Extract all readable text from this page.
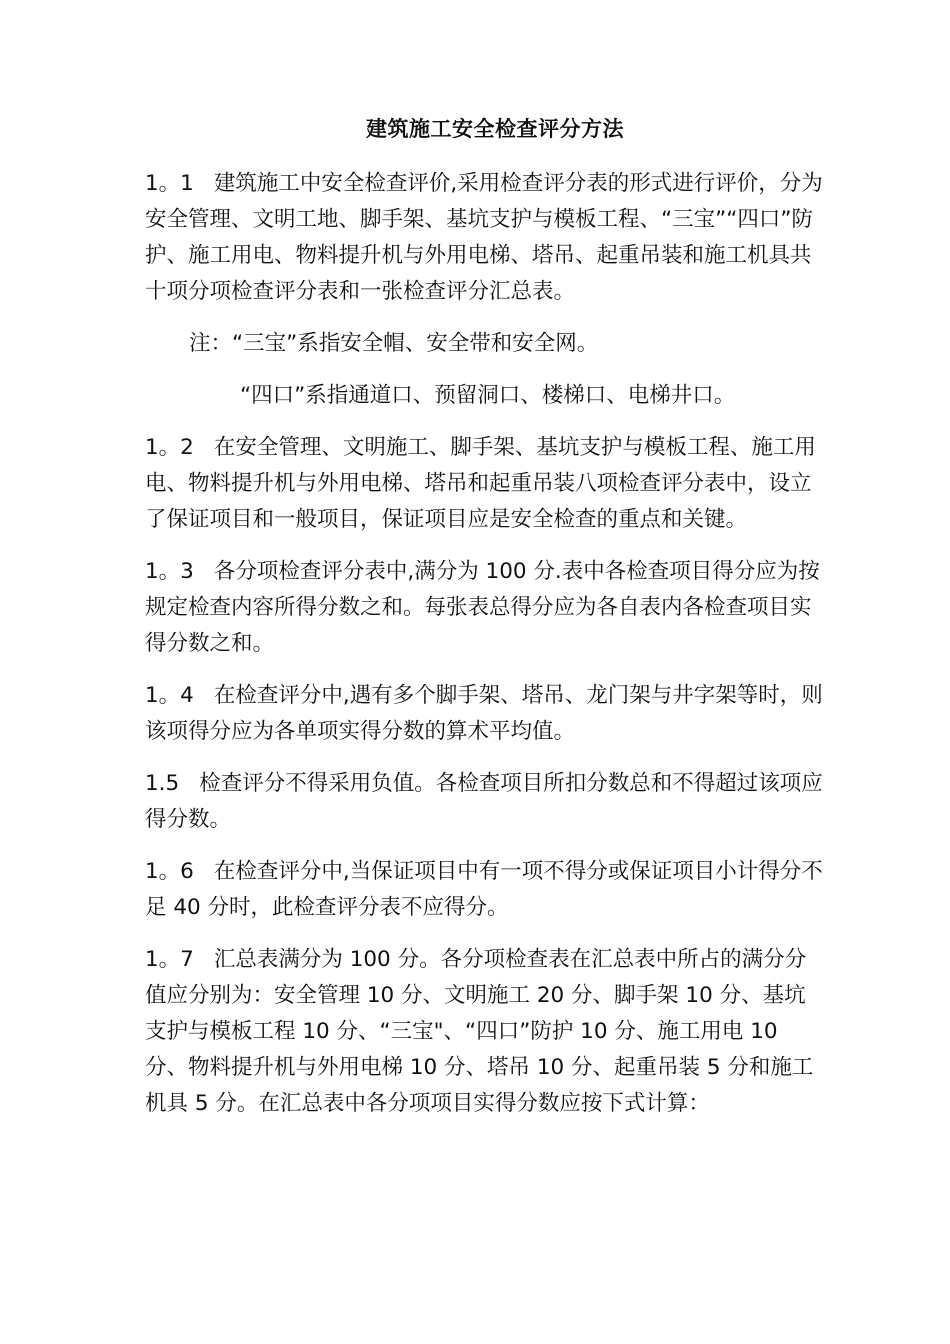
建筑施工安全检查评分方法

1。1 建筑施工中安全检查评价,采用检查评分表的形式进行评价，分为安全管理、文明工地、脚手架、基坑支护与模板工程、“三宝”“四口”防护、施工用电、物料提升机与外用电梯、塔吊、起重吊装和施工机具共十项分项检查评分表和一张检查评分汇总表。

注：“三宝”系指安全帽、安全带和安全网。

“四口”系指通道口、预留洞口、楼梯口、电梯井口。

1。2 在安全管理、文明施工、脚手架、基坑支护与模板工程、施工用电、物料提升机与外用电梯、塔吊和起重吊装八项检查评分表中，设立了保证项目和一般项目，保证项目应是安全检查的重点和关键。

1。3 各分项检查评分表中,满分为 100 分.表中各检查项目得分应为按规定检查内容所得分数之和。每张表总得分应为各自表内各检查项目实得分数之和。

1。4 在检查评分中,遇有多个脚手架、塔吊、龙门架与井字架等时，则该项得分应为各单项实得分数的算术平均值。

1.5 检查评分不得采用负值。各检查项目所扣分数总和不得超过该项应得分数。

1。6 在检查评分中,当保证项目中有一项不得分或保证项目小计得分不足 40 分时，此检查评分表不应得分。

1。7 汇总表满分为 100 分。各分项检查表在汇总表中所占的满分分值应分别为：安全管理 10 分、文明施工 20 分、脚手架 10 分、基坑支护与模板工程 10 分、“三宝"、“四口”防护 10 分、施工用电 10 分、物料提升机与外用电梯 10 分、塔吊 10 分、起重吊装 5 分和施工机具 5 分。在汇总表中各分项项目实得分数应按下式计算：
